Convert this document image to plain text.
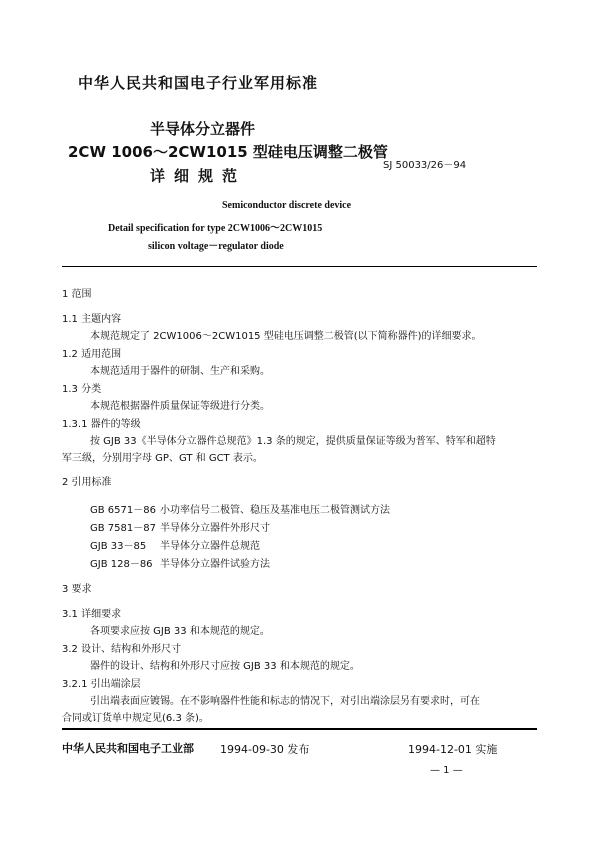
中华人民共和国电子行业军用标准
半导体分立器件
2CW 1006～2CW1015 型硅电压调整二极管
详细规范
SJ 50033/26－94
Semiconductor discrete device
Detail specification for type 2CW1006～2CW1015
silicon voltage－regulator diode
1 范围
1.1 主题内容
本规范规定了 2CW1006～2CW1015 型硅电压调整二极管(以下简称器件)的详细要求。
1.2 适用范围
本规范适用于器件的研制、生产和采购。
1.3 分类
本规范根据器件质量保证等级进行分类。
1.3.1 器件的等级
按 GJB 33《半导体分立器件总规范》1.3 条的规定，提供质量保证等级为普军、特军和超特
军三级，分别用字母 GP、GT 和 GCT 表示。
2 引用标准
GB 6571－86 小功率信号二极管、稳压及基准电压二极管测试方法
GB 7581－87 半导体分立器件外形尺寸
GJB 33－85 半导体分立器件总规范
GJB 128－86 半导体分立器件试验方法
3 要求
3.1 详细要求
各项要求应按 GJB 33 和本规范的规定。
3.2 设计、结构和外形尺寸
器件的设计、结构和外形尺寸应按 GJB 33 和本规范的规定。
3.2.1 引出端涂层
引出端表面应镀锡。在不影响器件性能和标志的情况下，对引出端涂层另有要求时，可在
合同或订货单中规定见(6.3 条)。
中华人民共和国电子工业部 1994-09-30 发布	1994-12-01 实施
— 1 —
